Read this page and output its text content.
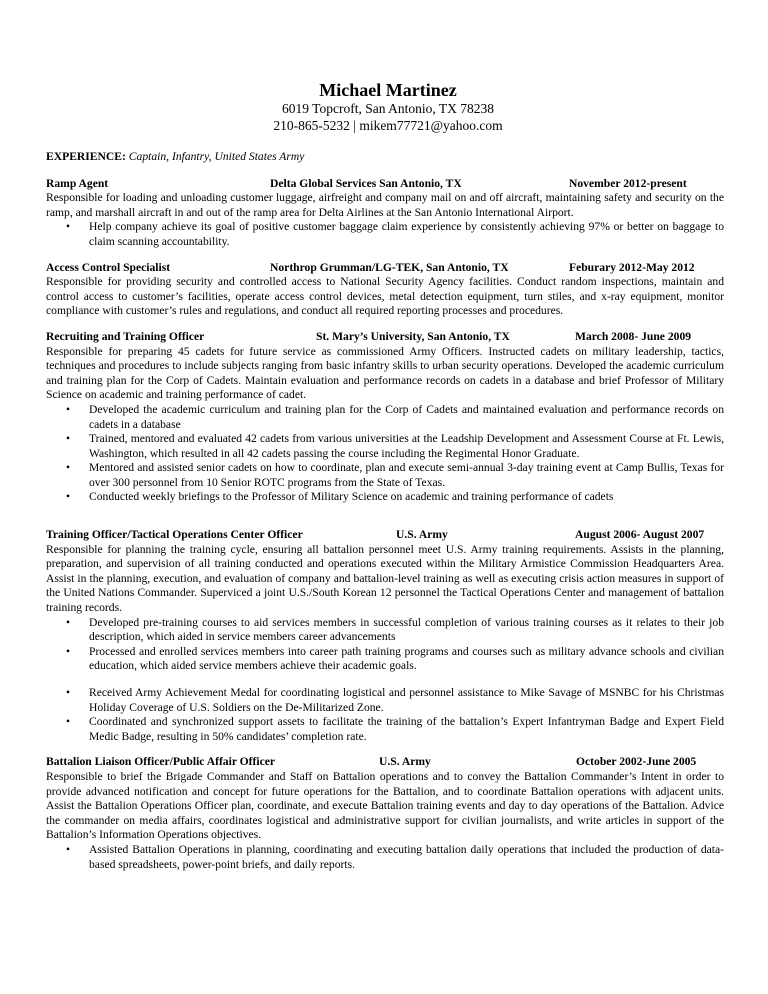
Michael Martinez
6019 Topcroft, San Antonio, TX 78238
210-865-5232 | mikem77721@yahoo.com
EXPERIENCE: Captain, Infantry, United States Army
Ramp Agent	Delta Global Services San Antonio, TX	November 2012-present
Responsible for loading and unloading customer luggage, airfreight and company mail on and off aircraft, maintaining safety and security on the ramp, and marshall aircraft in and out of the ramp area for Delta Airlines at the San Antonio International Airport.
• Help company achieve its goal of positive customer baggage claim experience by consistently achieving 97% or better on baggage to claim scanning accountability.
Access Control Specialist	Northrop Grumman/LG-TEK, San Antonio, TX	Feburary 2012-May 2012
Responsible for providing security and controlled access to National Security Agency facilities. Conduct random inspections, maintain and control access to customer’s facilities, operate access control devices, metal detection equipment, turn stiles, and x-ray equipment, monitor compliance with customer’s rules and regulations, and conduct all required reporting processes and procedures.
Recruiting and Training Officer	St. Mary’s University, San Antonio, TX	March 2008- June 2009
Responsible for preparing 45 cadets for future service as commissioned Army Officers. Instructed cadets on military leadership, tactics, techniques and procedures to include subjects ranging from basic infantry skills to urban security operations. Developed the academic curriculum and training plan for the Corp of Cadets. Maintain evaluation and performance records on cadets in a database and brief Professor of Military Science on academic and training performance of cadet.
• Developed the academic curriculum and training plan for the Corp of Cadets and maintained evaluation and performance records on cadets in a database
• Trained, mentored and evaluated 42 cadets from various universities at the Leadship Development and Assessment Course at Ft. Lewis, Washington, which resulted in all 42 cadets passing the course including the Regimental Honor Graduate.
• Mentored and assisted senior cadets on how to coordinate, plan and execute semi-annual 3-day training event at Camp Bullis, Texas for over 300 personnel from 10 Senior ROTC programs from the State of Texas.
• Conducted weekly briefings to the Professor of Military Science on academic and training performance of cadets
Training Officer/Tactical Operations Center Officer	U.S. Army	August 2006- August 2007
Responsible for planning the training cycle, ensuring all battalion personnel meet U.S. Army training requirements. Assists in the planning, preparation, and supervision of all training conducted and operations executed within the Military Armistice Commission Headquarters Area. Assist in the planning, execution, and evaluation of company and battalion-level training as well as executing crisis action measures in support of the United Nations Commander. Superviced a joint U.S./South Korean 12 personnel the Tactical Operations Center and management of battalion training records.
• Developed pre-training courses to aid services members in successful completion of various training courses as it relates to their job description, which aided in service members career advancements
• Processed and enrolled services members into career path training programs and courses such as military advance schools and civilian education, which aided service members achieve their academic goals.
• Received Army Achievement Medal for coordinating logistical and personnel assistance to Mike Savage of MSNBC for his Christmas Holiday Coverage of U.S. Soldiers on the De-Militarized Zone.
• Coordinated and synchronized support assets to facilitate the training of the battalion’s Expert Infantryman Badge and Expert Field Medic Badge, resulting in 50% candidates’ completion rate.
Battalion Liaison Officer/Public Affair Officer	U.S. Army	October 2002-June 2005
Responsible to brief the Brigade Commander and Staff on Battalion operations and to convey the Battalion Commander’s Intent in order to provide advanced notification and concept for future operations for the Battalion, and to coordinate Battalion operations with adjacent units. Assist the Battalion Operations Officer plan, coordinate, and execute Battalion training events and day to day operations of the Battalion. Advice the commander on media affairs, coordinates logistical and administrative support for civilian journalists, and write articles in support of the Battalion’s Information Operations objectives.
• Assisted Battalion Operations in planning, coordinating and executing battalion daily operations that included the production of data-based spreadsheets, power-point briefs, and daily reports.
